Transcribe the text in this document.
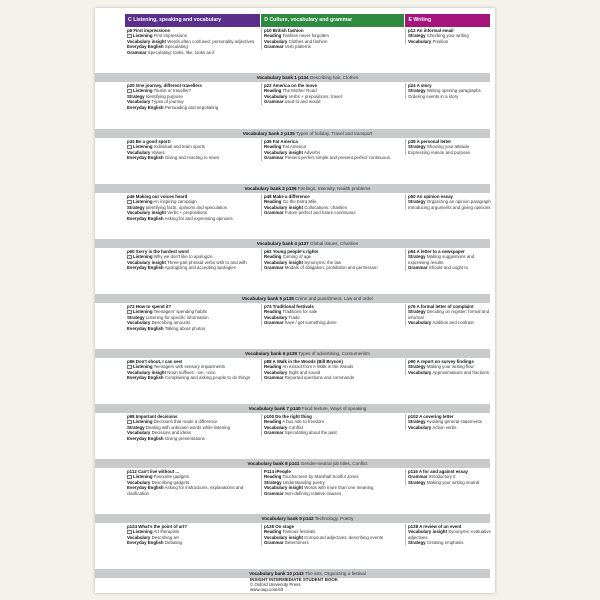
C Listening, speaking and vocabulary	D Culture, vocabulary and grammar	E Writing
p8 First impressions
Listening First impressions
Vocabulary insight Words often confused: personality adjectives
Everyday English Speculating
Grammar Speculating: looks, like, looks as if
p10 British fashion
Reading Fashion never forgotten
Vocabulary Clothes and fashion
Grammar Verb patterns
p12 An informal email
Strategy Checking your writing
Vocabulary Position
Vocabulary bank 1 p134 Describing hair, Clothes
p20 One journey, different travellers
Listening Tourist or traveller?
Strategy Identifying purpose
Vocabulary Types of journey
Everyday English Persuading and negotiating
p22 America on the move
Reading The Mother Road
Vocabulary Verbs + prepositions: travel
Grammar used to and would
p24 A story
Strategy Writing opening paragraphs
Ordering events in a story
Vocabulary bank 2 p135 Types of holiday, Travel and transport
p34 Be a good sport!
Listening Individual and team sports
Vocabulary Values
Everyday English Giving and reacting to news
p36 Fat America
Reading Fat America
Vocabulary insight Adverbs
Grammar Present perfect simple and present perfect continuous
p38 A personal letter
Strategy Showing your attitude
Expressing reason and purpose
Vocabulary bank 2 p136 Feelings, Intensity, Health problems
p46 Making our voices heard
Listening An inspiring campaign
Strategy Identifying facts, opinions and speculation
Vocabulary insight Verbs + prepositions
Everyday English Asking for and expressing opinions
p48 Make a difference
Reading Go the Extra Mile
Vocabulary insight Collocations: charities
Grammar Future perfect and future continuous
p50 An opinion essay
Strategy Organizing an opinion paragraph
Introducing arguments and giving opinions
Vocabulary bank 4 p137 Global issues, Charities
p60 Sorry is the hardest word
Listening Why we don't like to apologize
Vocabulary insight Three-part phrasal verbs with to and with
Everyday English Apologizing and accepting apologies
p62 Young people's rights
Reading Coming of age
Vocabulary insight Synonyms: the law
Grammar Modals of obligation, prohibition and permission
p64 A letter to a newspaper
Strategy Making suggestions and expressing results
Grammar Should and ought to
Vocabulary bank 5 p138 Crime and punishment, Law and order
p72 How to spend it?
Listening Teenagers' spending habits
Strategy Listening for specific information
Vocabulary Describing amounts
Everyday English Talking about photos
p74 Traditional festivals
Reading Traditions for sale
Vocabulary Trade
Grammar have / get something done
p76 A formal letter of complaint
Strategy Deciding on register: formal and informal
Vocabulary Addition and contrast
Vocabulary bank 6 p139 Types of advertising, Consumerism
p86 Don't shout, I can see!
Listening Teenagers with sensory impairments
Vocabulary insight Noun suffixes: -ion, -sion
Everyday English Complaining and asking people to do things
p88 A Walk in the Woods (Bill Bryson)
Reading An extract from A Walk in the Woods
Vocabulary Sight and sound
Grammar Reported questions and commands
p90 A report on survey findings
Strategy Making your writing flow
Vocabulary Approximations and fractions
Vocabulary bank 7 p140 Food texture, Ways of speaking
p98 Important decisions
Listening Decisions that made a difference
Strategy Dealing with unknown words while listening
Vocabulary Decisions and ideas
Everyday English Giving presentations
p100 Do the right thing
Reading A bus ride to freedom
Vocabulary Conflict
Grammar Speculating about the past
p102 A covering letter
Strategy Avoiding general statements
Vocabulary Action verbs
Vocabulary bank 8 p141 Gender-neutral job titles, Conflict
p112 Can't live without ...
Listening Favourite gadgets
Vocabulary Describing gadgets
Everyday English Asking for instructions, explanations and clarification
P114 iPeople
Reading Touchscreen by Marshall Soulful Jones
Strategy Understanding poetry
Vocabulary insight Words with more than one meaning
Grammar Non-defining relative clauses
p116 A for and against essay
Grammar Introductory it
Strategy Making your writing neutral
Vocabulary bank 9 p142 Technology, Poetry
p124 What's the point of art?
Listening Art therapists
Vocabulary Describing art
Everyday English Debating
p126 On stage
Reading Famous festivals
Vocabulary insight Compound adjectives: describing events
Grammar Determiners
p128 A review of an event
Vocabulary insight Synonyms: evaluative adjectives
Strategy Creating emphasis
Vocabulary bank 10 p143 The arts, Organizing a festival
INSIGHT INTERMEDIATE STUDENT BOOK
© Oxford University Press
www.oup.com/elt
